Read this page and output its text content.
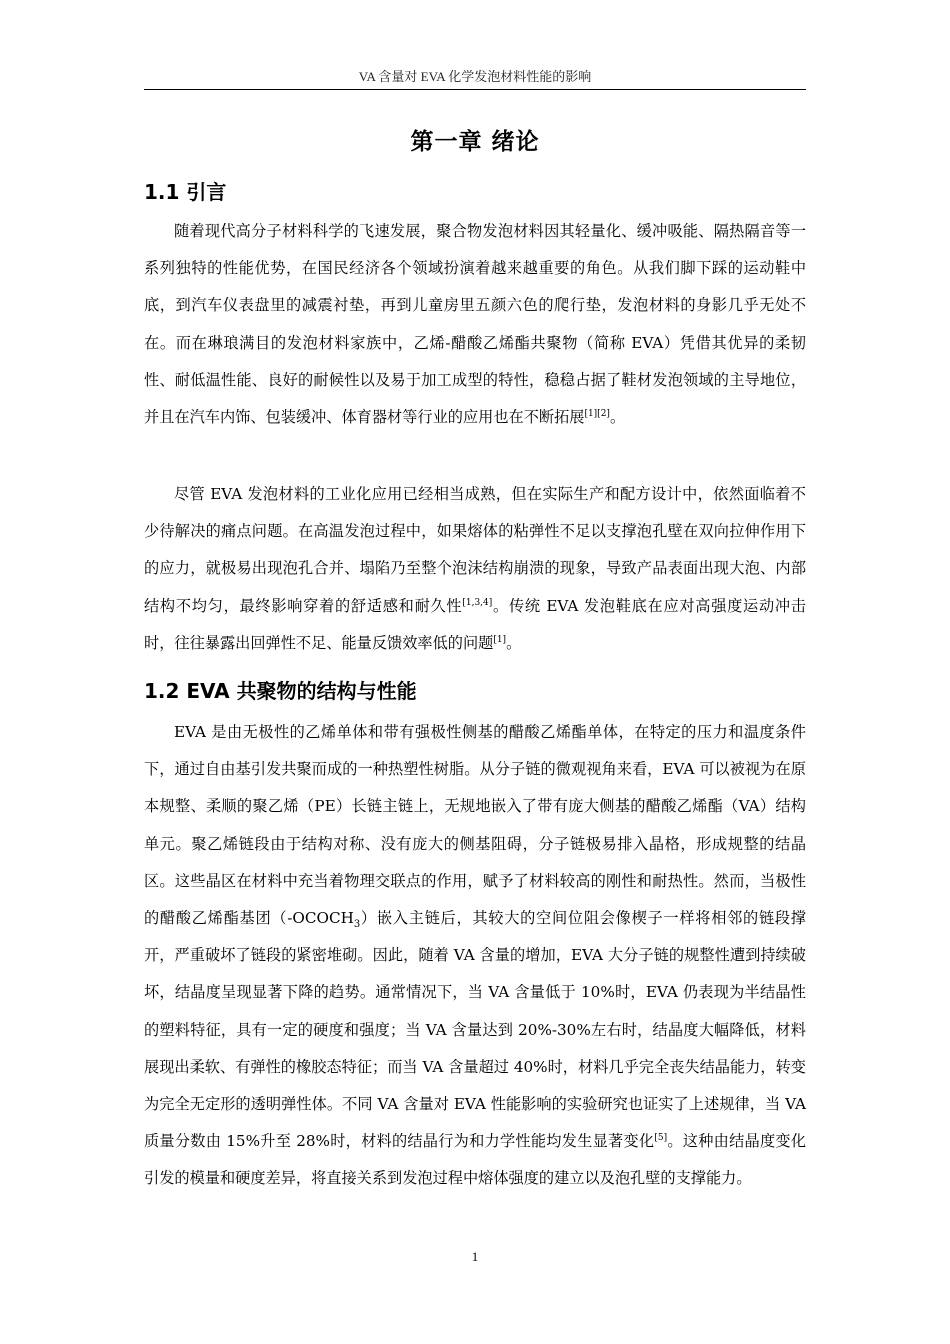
VA 含量对 EVA 化学发泡材料性能的影响
第一章 绪论
1.1 引言

随着现代高分子材料科学的飞速发展，聚合物发泡材料因其轻量化、缓冲吸能、隔热隔音等一系列独特的性能优势，在国民经济各个领域扮演着越来越重要的角色。从我们脚下踩的运动鞋中底，到汽车仪表盘里的减震衬垫，再到儿童房里五颜六色的爬行垫，发泡材料的身影几乎无处不在。而在琳琅满目的发泡材料家族中，乙烯-醋酸乙烯酯共聚物（简称 EVA）凭借其优异的柔韧性、耐低温性能、良好的耐候性以及易于加工成型的特性，稳稳占据了鞋材发泡领域的主导地位，并且在汽车内饰、包装缓冲、体育器材等行业的应用也在不断拓展[1][2]。

尽管 EVA 发泡材料的工业化应用已经相当成熟，但在实际生产和配方设计中，依然面临着不少待解决的痛点问题。在高温发泡过程中，如果熔体的粘弹性不足以支撑泡孔壁在双向拉伸作用下的应力，就极易出现泡孔合并、塌陷乃至整个泡沫结构崩溃的现象，导致产品表面出现大泡、内部结构不均匀，最终影响穿着的舒适感和耐久性[1,3,4]。传统 EVA 发泡鞋底在应对高强度运动冲击时，往往暴露出回弹性不足、能量反馈效率低的问题[1]。

1.2 EVA 共聚物的结构与性能

EVA 是由无极性的乙烯单体和带有强极性侧基的醋酸乙烯酯单体，在特定的压力和温度条件下，通过自由基引发共聚而成的一种热塑性树脂。从分子链的微观视角来看，EVA 可以被视为在原本规整、柔顺的聚乙烯（PE）长链主链上，无规地嵌入了带有庞大侧基的醋酸乙烯酯（VA）结构单元。聚乙烯链段由于结构对称、没有庞大的侧基阻碍，分子链极易排入晶格，形成规整的结晶区。这些晶区在材料中充当着物理交联点的作用，赋予了材料较高的刚性和耐热性。然而，当极性的醋酸乙烯酯基团$(-OCOCH_3)$嵌入主链后，其较大的空间位阻会像楔子一样将相邻的链段撑开，严重破坏了链段的紧密堆砌。因此，随着 VA 含量的增加，EVA 大分子链的规整性遭到持续破坏，结晶度呈现显著下降的趋势。通常情况下，当 VA 含量低于 10%时，EVA 仍表现为半结晶性的塑料特征，具有一定的硬度和强度；当 VA 含量达到 20%-30%左右时，结晶度大幅降低，材料展现出柔软、有弹性的橡胶态特征；而当 VA 含量超过 40%时，材料几乎完全丧失结晶能力，转变为完全无定形的透明弹性体。不同 VA 含量对 EVA 性能影响的实验研究也证实了上述规律，当 VA 质量分数由 15%升至 28%时，材料的结晶行为和力学性能均发生显著变化[5]。这种由结晶度变化引发的模量和硬度差异，将直接关系到发泡过程中熔体强度的建立以及泡孔壁的支撑能力。

1
